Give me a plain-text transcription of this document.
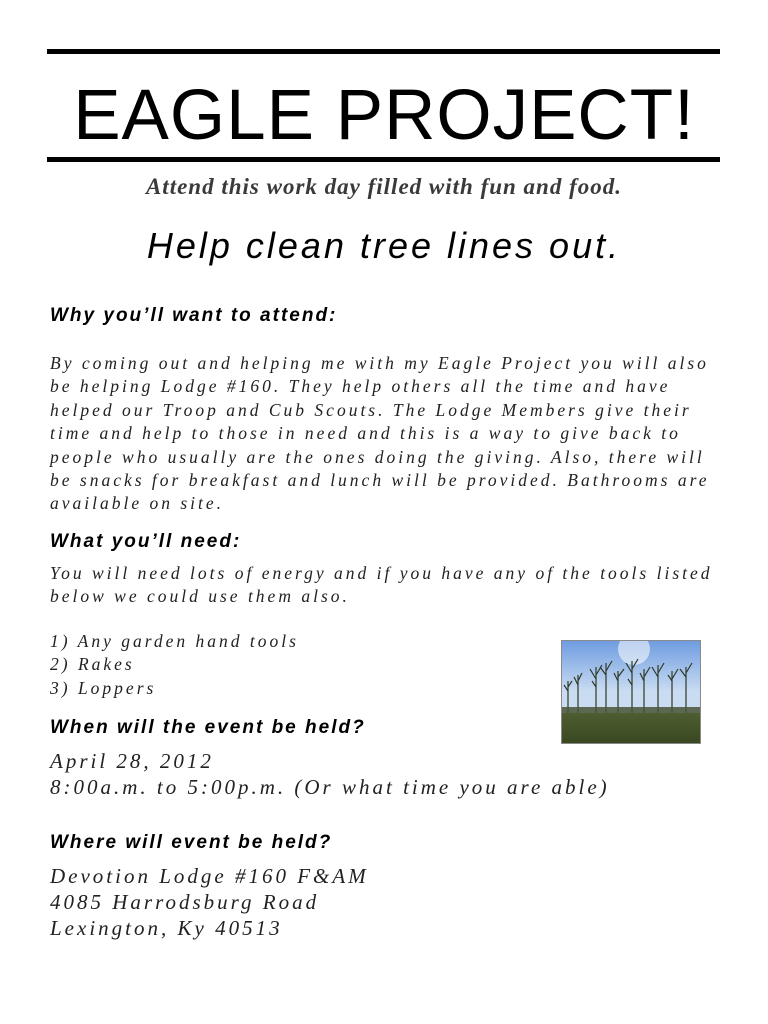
EAGLE PROJECT!
Attend this work day filled with fun and food.
Help clean tree lines out.
Why you’ll want to attend:
By coming out and helping me with my Eagle Project you will also
be helping Lodge #160. They help others all the time and have
helped our Troop and Cub Scouts. The Lodge Members give their
time and help to those in need and this is a way to give back to
people who usually are the ones doing the giving. Also, there will
be snacks for breakfast and lunch will be provided. Bathrooms are
available on site.
What you’ll need:
You will need lots of energy and if you have any of the tools listed
below we could use them also.
1) Any garden hand tools
2) Rakes
3) Loppers
When will the event be held?
April 28, 2012
8:00a.m. to 5:00p.m. (Or what time you are able)
Where will event be held?
Devotion Lodge #160 F&AM
4085 Harrodsburg Road
Lexington, Ky 40513
